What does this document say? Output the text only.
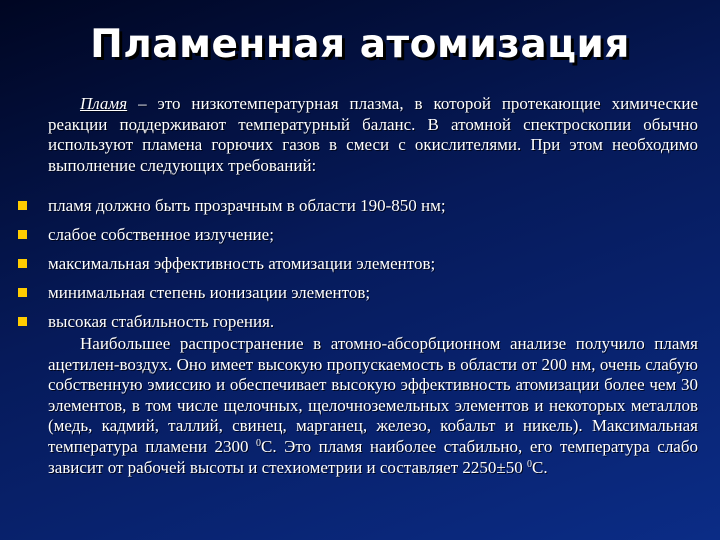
Пламенная атомизация
Пламя – это низкотемпературная плазма, в которой протекающие химические реакции поддерживают температурный баланс. В атомной спектроскопии обычно используют пламена горючих газов в смеси с окислителями. При этом необходимо выполнение следующих требований:
пламя должно быть прозрачным в области 190-850 нм;
слабое собственное излучение;
максимальная эффективность атомизации элементов;
минимальная степень ионизации элементов;
высокая стабильность горения.
Наибольшее распространение в атомно-абсорбционном анализе получило пламя ацетилен-воздух. Оно имеет высокую пропускаемость в области от 200 нм, очень слабую собственную эмиссию и обеспечивает высокую эффективность атомизации более чем 30 элементов, в том числе щелочных, щелочноземельных элементов и некоторых металлов (медь, кадмий, таллий, свинец, марганец, железо, кобальт и никель). Максимальная температура пламени 2300 $^0$С. Это пламя наиболее стабильно, его температура слабо зависит от рабочей высоты и стехиометрии и составляет 2250±50 $^0$С.
